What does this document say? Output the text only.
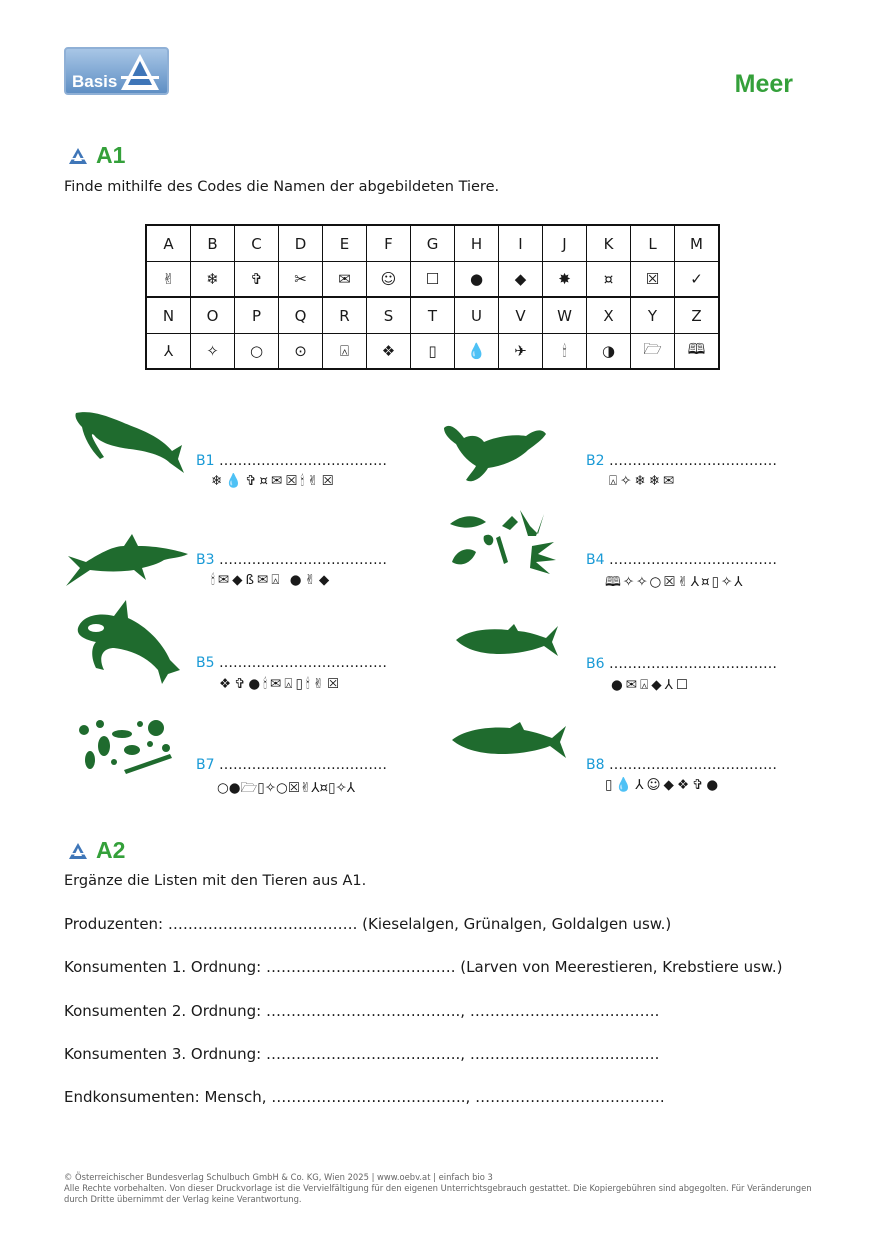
Basis	Meer
A1
Finde mithilfe des Codes die Namen der abgebildeten Tiere.
A	B	C	D	E	F	G	H	I	J	K	L	M
✌	❄	✞	✂	✉	☺	☐	●	◆	✸	¤	☒	✓
N	O	P	Q	R	S	T	U	V	W	X	Y	Z
⅄	✧	○	⊙	⍓	❖	▯	💧	✈	🕯	◑	🗁	🕮
B1 ………………………………
❄💧✞¤✉☒🕯✌☒
B3 ………………………………
🕯✉◆ß✉⍓ ●✌◆
B5 ………………………………
❖✞●🕯✉⍓▯🕯✌☒
B7 ………………………………
○●🗁▯✧○☒✌⅄¤▯✧⅄
B2 ………………………………
⍓✧❄❄✉
B4 ………………………………
🕮✧✧○☒✌⅄¤▯✧⅄
B6 ………………………………
●✉⍓◆⅄☐
B8 ………………………………
▯💧⅄☺◆❖✞●
A2
Ergänze die Listen mit den Tieren aus A1.
Produzenten: ……………………….………. (Kieselalgen, Grünalgen, Goldalgen usw.)
Konsumenten 1. Ordnung: ……………………….………. (Larven von Meerestieren, Krebstiere usw.)
Konsumenten 2. Ordnung: ……………………….……….., ……………………….……….
Konsumenten 3. Ordnung: ……………………….……….., ……………………….……….
Endkonsumenten: Mensch, ……………………….……….., ……………………….……….
© Österreichischer Bundesverlag Schulbuch GmbH & Co. KG, Wien 2025 | www.oebv.at | einfach bio 3
Alle Rechte vorbehalten. Von dieser Druckvorlage ist die Vervielfältigung für den eigenen Unterrichtsgebrauch gestattet. Die Kopiergebühren sind abgegolten. Für Veränderungen durch Dritte übernimmt der Verlag keine Verantwortung.
